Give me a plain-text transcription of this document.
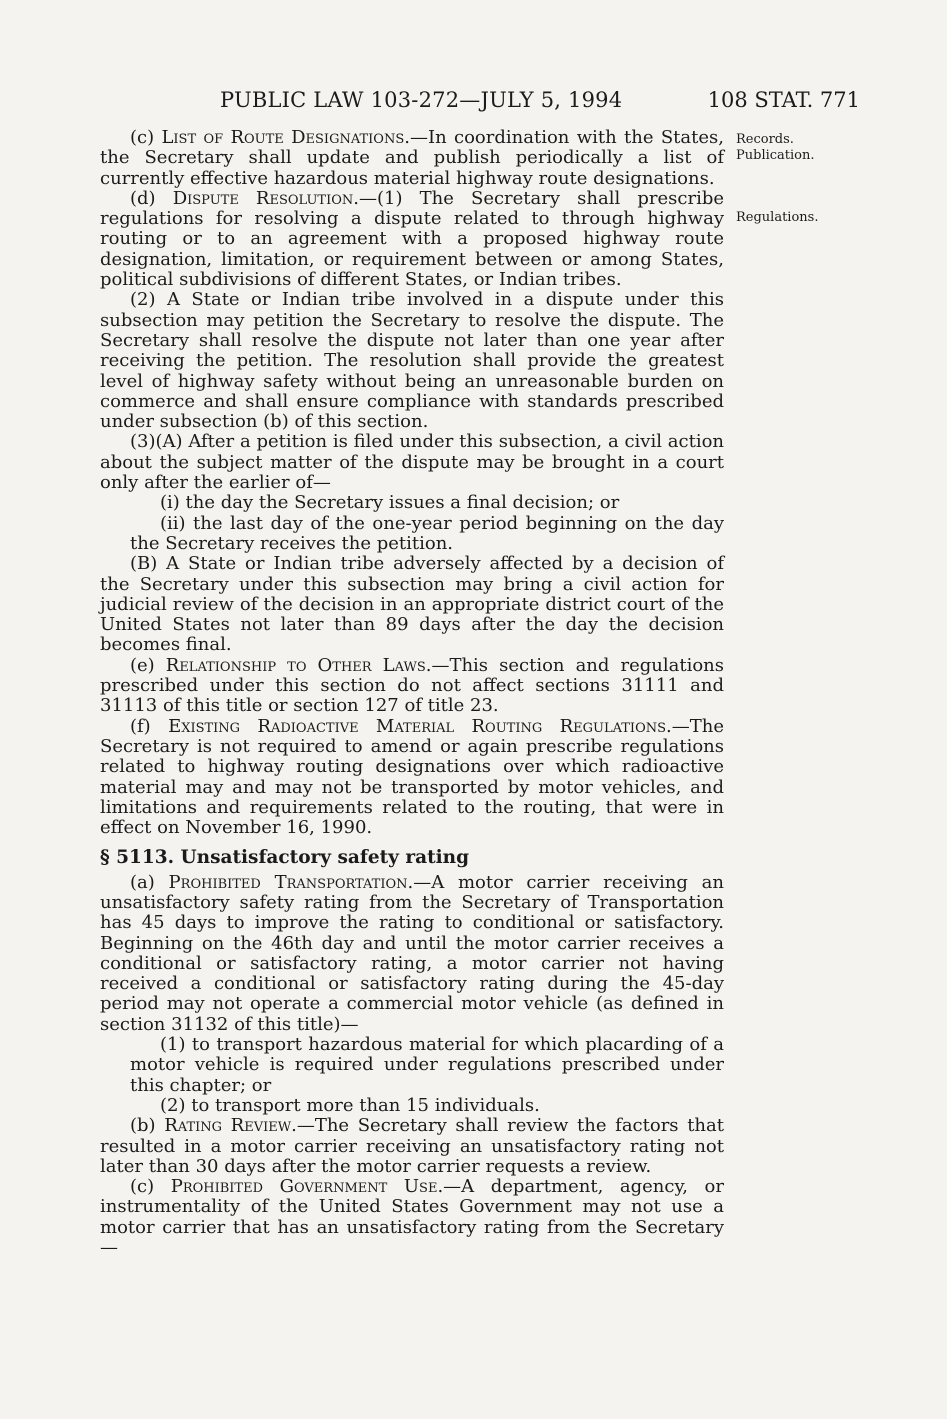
PUBLIC LAW 103-272—JULY 5, 1994	108 STAT. 771
Records.
Publication.
Regulations.

(c) List of Route Designations.—In coordination with the States, the Secretary shall update and publish periodically a list of currently effective hazardous material highway route designations.

(d) Dispute Resolution.—(1) The Secretary shall prescribe regulations for resolving a dispute related to through highway routing or to an agreement with a proposed highway route designation, limitation, or requirement between or among States, political subdivisions of different States, or Indian tribes.

(2) A State or Indian tribe involved in a dispute under this subsection may petition the Secretary to resolve the dispute. The Secretary shall resolve the dispute not later than one year after receiving the petition. The resolution shall provide the greatest level of highway safety without being an unreasonable burden on commerce and shall ensure compliance with standards prescribed under subsection (b) of this section.

(3)(A) After a petition is filed under this subsection, a civil action about the subject matter of the dispute may be brought in a court only after the earlier of—

(i) the day the Secretary issues a final decision; or

(ii) the last day of the one-year period beginning on the day the Secretary receives the petition.

(B) A State or Indian tribe adversely affected by a decision of the Secretary under this subsection may bring a civil action for judicial review of the decision in an appropriate district court of the United States not later than 89 days after the day the decision becomes final.

(e) Relationship to Other Laws.—This section and regulations prescribed under this section do not affect sections 31111 and 31113 of this title or section 127 of title 23.

(f) Existing Radioactive Material Routing Regulations.—The Secretary is not required to amend or again prescribe regulations related to highway routing designations over which radioactive material may and may not be transported by motor vehicles, and limitations and requirements related to the routing, that were in effect on November 16, 1990.

§ 5113. Unsatisfactory safety rating

(a) Prohibited Transportation.—A motor carrier receiving an unsatisfactory safety rating from the Secretary of Transportation has 45 days to improve the rating to conditional or satisfactory. Beginning on the 46th day and until the motor carrier receives a conditional or satisfactory rating, a motor carrier not having received a conditional or satisfactory rating during the 45-day period may not operate a commercial motor vehicle (as defined in section 31132 of this title)—

(1) to transport hazardous material for which placarding of a motor vehicle is required under regulations prescribed under this chapter; or

(2) to transport more than 15 individuals.

(b) Rating Review.—The Secretary shall review the factors that resulted in a motor carrier receiving an unsatisfactory rating not later than 30 days after the motor carrier requests a review.

(c) Prohibited Government Use.—A department, agency, or instrumentality of the United States Government may not use a motor carrier that has an unsatisfactory rating from the Secretary—
